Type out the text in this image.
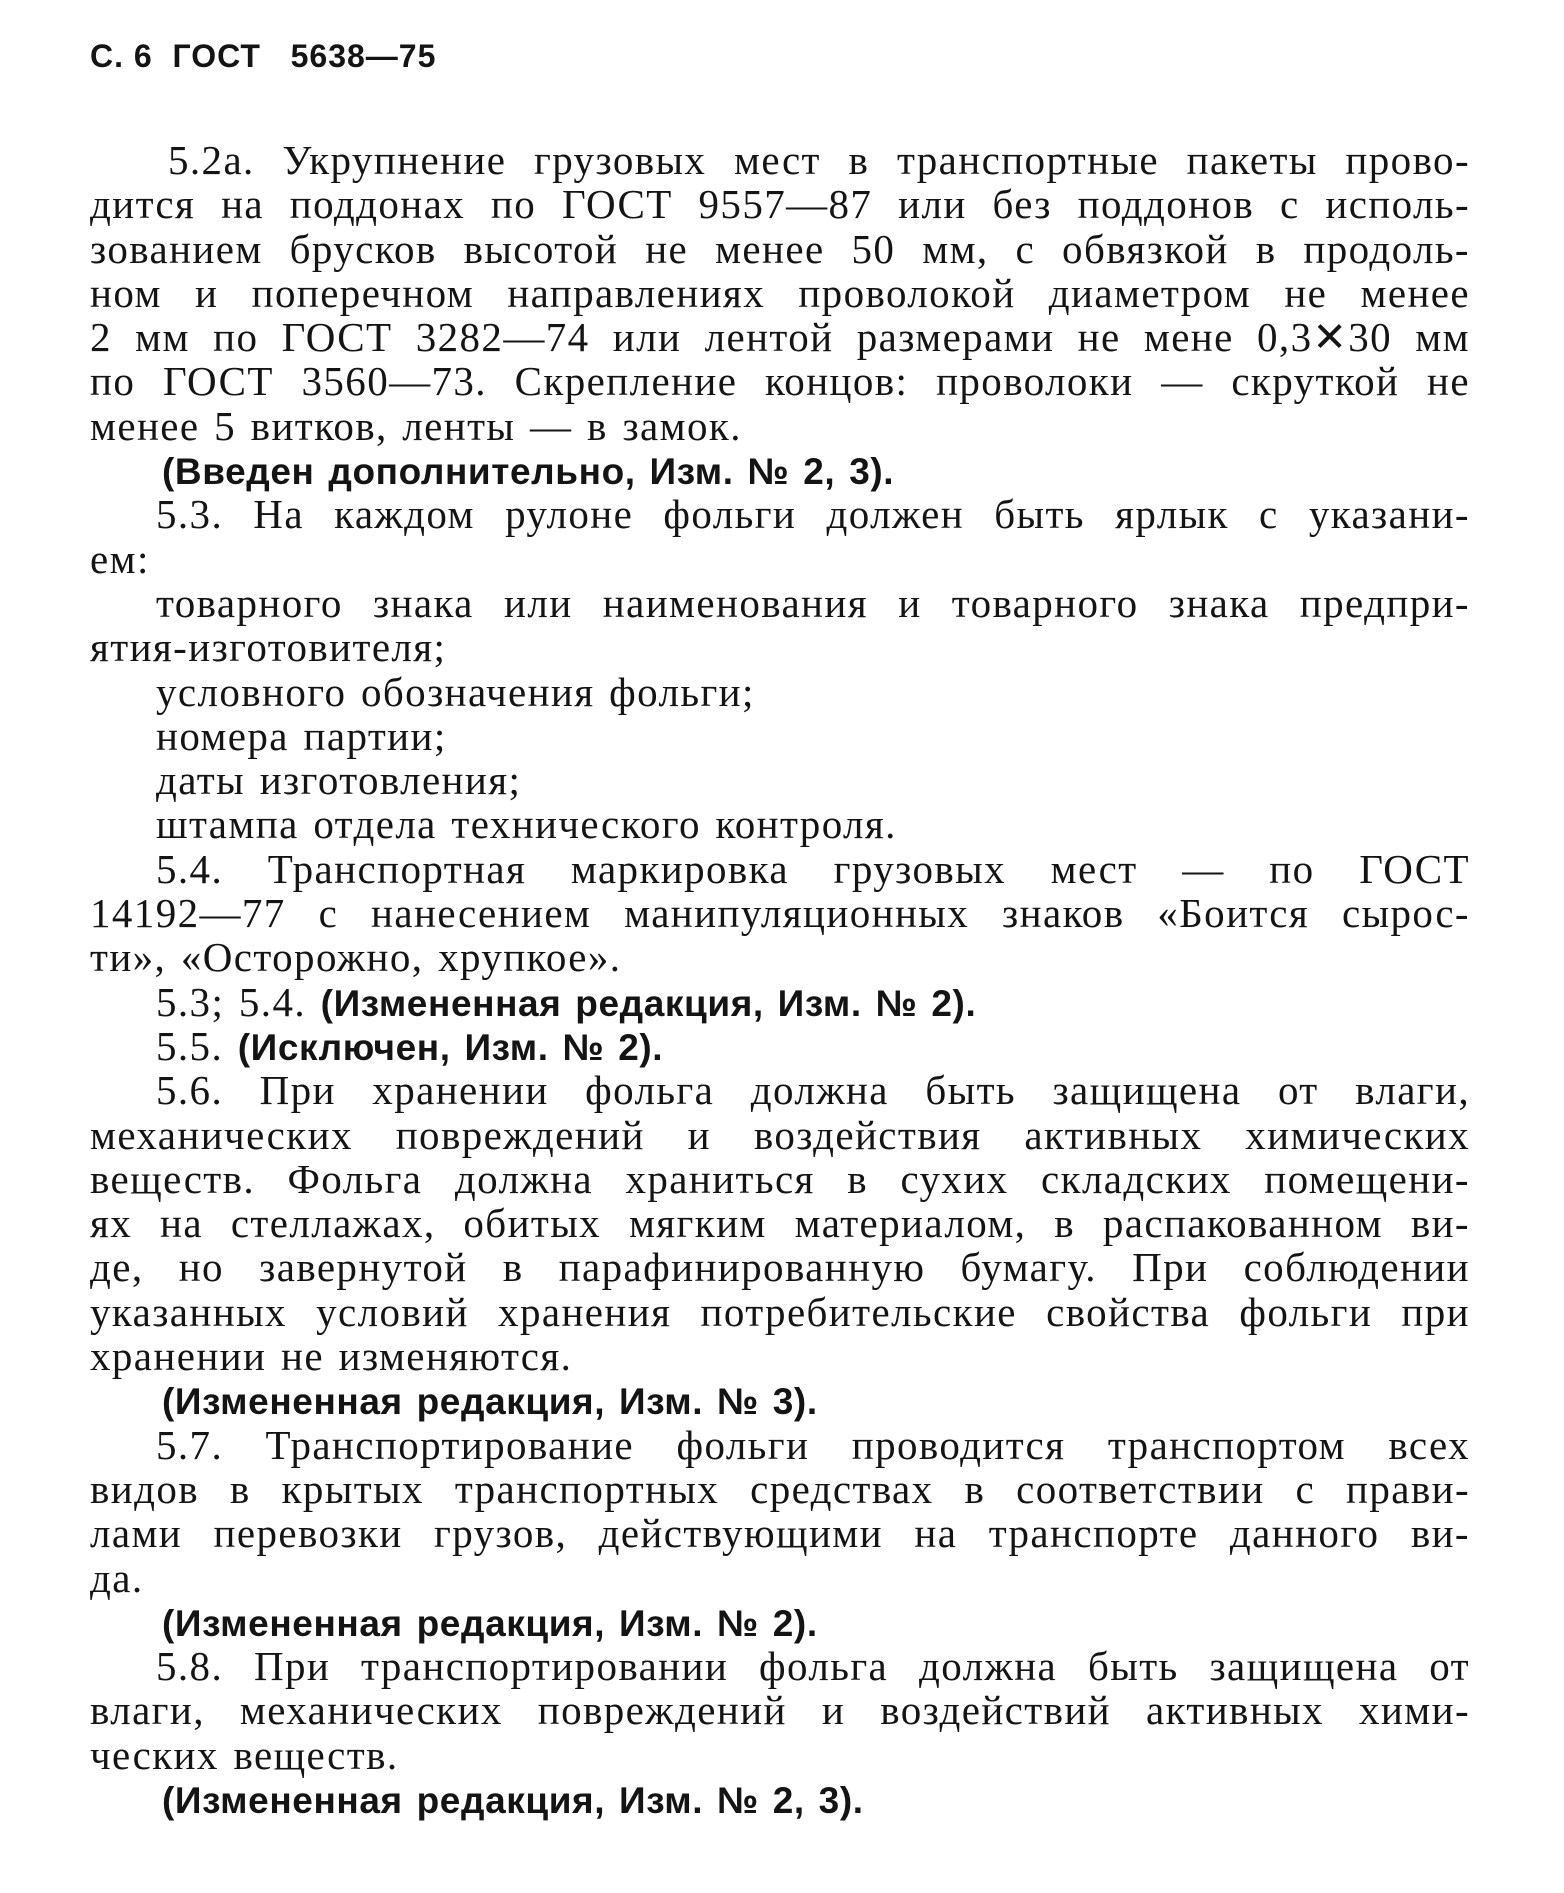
С. 6  ГОСТ   5638—75
5.2а. Укрупнение грузовых мест в транспортные пакеты прово-
дится на поддонах по ГОСТ 9557—87 или без поддонов с исполь-
зованием брусков высотой не менее 50 мм, с обвязкой в продоль-
ном и поперечном направлениях проволокой диаметром не менее
2 мм по ГОСТ 3282—74 или лентой размерами не мене 0,3✕30 мм
по ГОСТ 3560—73. Скрепление концов: проволоки — скруткой не
менее 5 витков, ленты — в замок.
(Введен дополнительно, Изм. № 2, 3).
5.3. На каждом рулоне фольги должен быть ярлык с указани-
ем:
товарного знака или наименования и товарного знака предпри-
ятия-изготовителя;
условного обозначения фольги;
номера партии;
даты изготовления;
штампа отдела технического контроля.
5.4. Транспортная маркировка грузовых мест — по ГОСТ
14192—77 с нанесением манипуляционных знаков «Боится сырос-
ти», «Осторожно, хрупкое».
5.3; 5.4. (Измененная редакция, Изм. № 2).
5.5. (Исключен, Изм. № 2).
5.6. При хранении фольга должна быть защищена от влаги,
механических повреждений и воздействия активных химических
веществ. Фольга должна храниться в сухих складских помещени-
ях на стеллажах, обитых мягким материалом, в распакованном ви-
де, но завернутой в парафинированную бумагу. При соблюдении
указанных условий хранения потребительские свойства фольги при
хранении не изменяются.
(Измененная редакция, Изм. № 3).
5.7. Транспортирование фольги проводится транспортом всех
видов в крытых транспортных средствах в соответствии с прави-
лами перевозки грузов, действующими на транспорте данного ви-
да.
(Измененная редакция, Изм. № 2).
5.8. При транспортировании фольга должна быть защищена от
влаги, механических повреждений и воздействий активных хими-
ческих веществ.
(Измененная редакция, Изм. № 2, 3).
